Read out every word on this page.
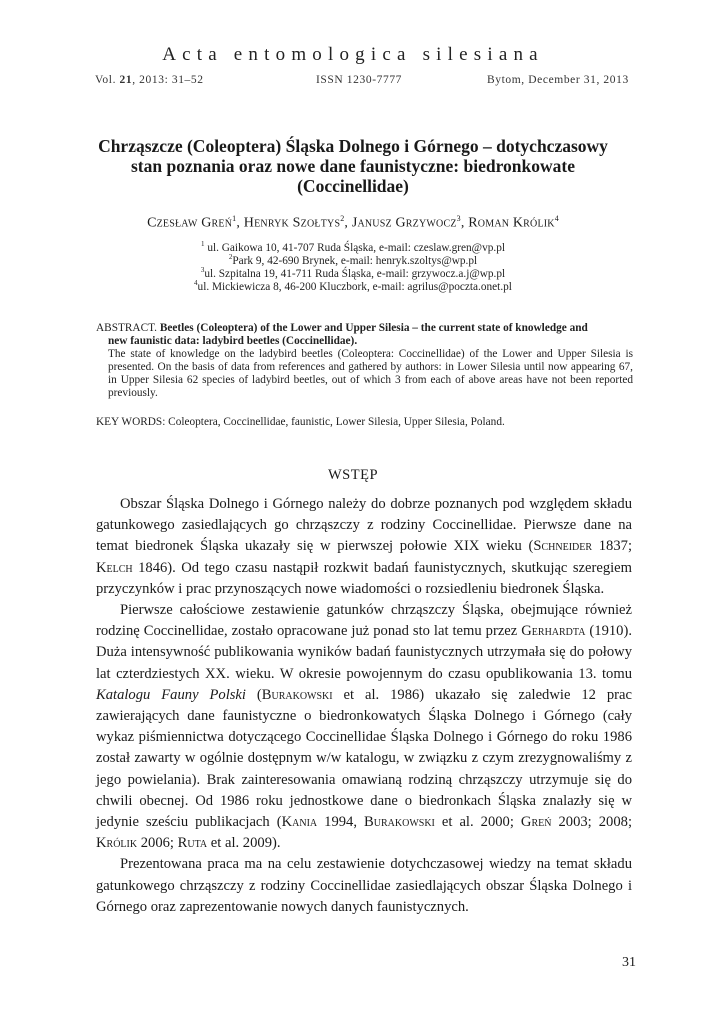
Acta entomologica silesiana
Vol. 21, 2013: 31–52	ISSN 1230-7777	Bytom, December 31, 2013
Chrząszcze (Coleoptera) Śląska Dolnego i Górnego – dotychczasowy stan poznania oraz nowe dane faunistyczne: biedronkowate (Coccinellidae)
Czesław Greń$^1$, Henryk Szołtys$^2$, Janusz Grzywocz$^3$, Roman Królik$^4$
$^1$ ul. Gaikowa 10, 41-707 Ruda Śląska, e-mail: czeslaw.gren@vp.pl
$^2$Park 9, 42-690 Brynek, e-mail: henryk.szoltys@wp.pl
$^3$ul. Szpitalna 19, 41-711 Ruda Śląska, e-mail: grzywocz.a.j@wp.pl
$^4$ul. Mickiewicza 8, 46-200 Kluczbork, e-mail: agrilus@poczta.onet.pl
ABSTRACT. Beetles (Coleoptera) of the Lower and Upper Silesia – the current state of knowledge and
new faunistic data: ladybird beetles (Coccinellidae).
The state of knowledge on the ladybird beetles (Coleoptera: Coccinellidae) of the Lower and Upper Silesia is presented. On the basis of data from references and gathered by authors: in Lower Silesia until now appearing 67, in Upper Silesia 62 species of ladybird beetles, out of which 3 from each of above areas have not been reported previously.
KEY WORDS: Coleoptera, Coccinellidae, faunistic, Lower Silesia, Upper Silesia, Poland.
WSTĘP

Obszar Śląska Dolnego i Górnego należy do dobrze poznanych pod względem składu gatunkowego zasiedlających go chrząszczy z rodziny Coccinellidae. Pierwsze dane na temat biedronek Śląska ukazały się w pierwszej połowie XIX wieku (Schneider 1837; Kelch 1846). Od tego czasu nastąpił rozkwit badań faunistycznych, skutkując szeregiem przyczynków i prac przynoszących nowe wiadomości o rozsiedleniu biedronek Śląska.

Pierwsze całościowe zestawienie gatunków chrząszczy Śląska, obejmujące również rodzinę Coccinellidae, zostało opracowane już ponad sto lat temu przez Gerhardta (1910). Duża intensywność publikowania wyników badań faunistycznych utrzymała się do połowy lat czterdziestych XX. wieku. W okresie powojennym do czasu opublikowania 13. tomu Katalogu Fauny Polski (Burakowski et al. 1986) ukazało się zaledwie 12 prac zawierających dane faunistyczne o biedronkowatych Śląska Dolnego i Górnego (cały wykaz piśmiennictwa dotyczącego Coccinellidae Śląska Dolnego i Górnego do roku 1986 został zawarty w ogólnie dostępnym w/w katalogu, w związku z czym zrezygnowaliśmy z jego powielania). Brak zainteresowania omawianą rodziną chrząszczy utrzymuje się do chwili obecnej. Od 1986 roku jednostkowe dane o biedronkach Śląska znalazły się w jedynie sześciu publikacjach (Kania 1994, Burakowski et al. 2000; Greń 2003; 2008; Królik 2006; Ruta et al. 2009).

Prezentowana praca ma na celu zestawienie dotychczasowej wiedzy na temat składu gatunkowego chrząszczy z rodziny Coccinellidae zasiedlających obszar Śląska Dolnego i Górnego oraz zaprezentowanie nowych danych faunistycznych.

31
